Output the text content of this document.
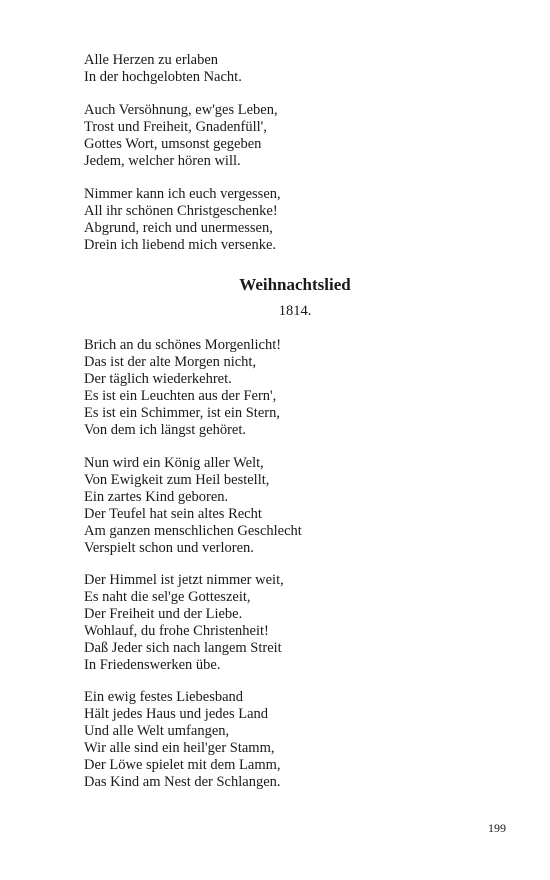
Alle Herzen zu erlaben
In der hochgelobten Nacht.
Auch Versöhnung, ew'ges Leben,
Trost und Freiheit, Gnadenfüll',
Gottes Wort, umsonst gegeben
Jedem, welcher hören will.
Nimmer kann ich euch vergessen,
All ihr schönen Christgeschenke!
Abgrund, reich und unermessen,
Drein ich liebend mich versenke.
Weihnachtslied
1814.
Brich an du schönes Morgenlicht!
Das ist der alte Morgen nicht,
Der täglich wiederkehret.
Es ist ein Leuchten aus der Fern',
Es ist ein Schimmer, ist ein Stern,
Von dem ich längst gehöret.
Nun wird ein König aller Welt,
Von Ewigkeit zum Heil bestellt,
Ein zartes Kind geboren.
Der Teufel hat sein altes Recht
Am ganzen menschlichen Geschlecht
Verspielt schon und verloren.
Der Himmel ist jetzt nimmer weit,
Es naht die sel'ge Gotteszeit,
Der Freiheit und der Liebe.
Wohlauf, du frohe Christenheit!
Daß Jeder sich nach langem Streit
In Friedenswerken übe.
Ein ewig festes Liebesband
Hält jedes Haus und jedes Land
Und alle Welt umfangen,
Wir alle sind ein heil'ger Stamm,
Der Löwe spielet mit dem Lamm,
Das Kind am Nest der Schlangen.
199
